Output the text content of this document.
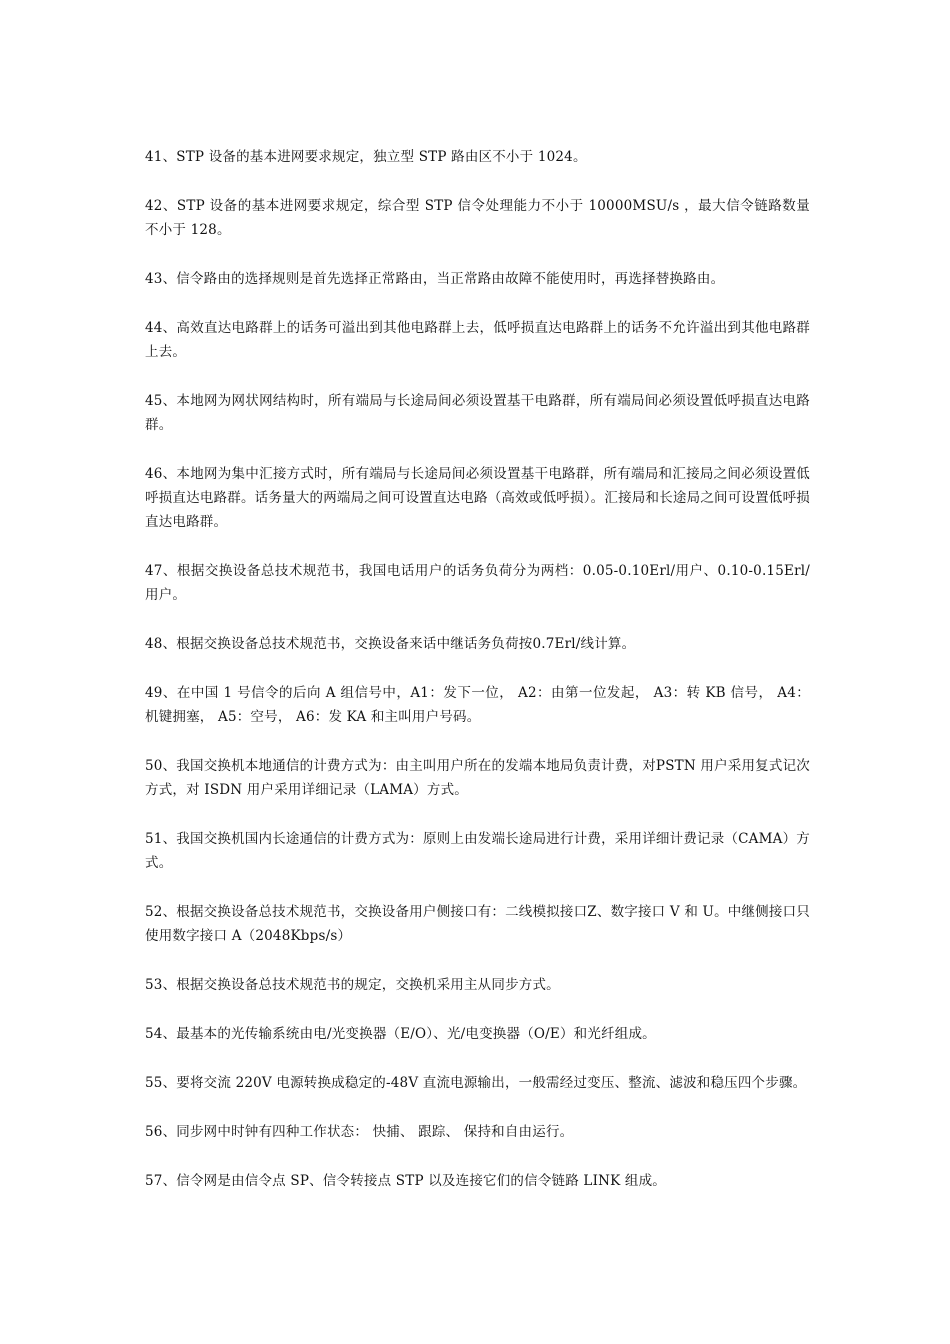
41、STP 设备的基本进网要求规定，独立型 STP 路由区不小于 1024。

42、STP 设备的基本进网要求规定，综合型 STP 信令处理能力不小于 10000MSU/s ，最大信令链路数量不小于 128。

43、信令路由的选择规则是首先选择正常路由，当正常路由故障不能使用时，再选择替换路由。

44、高效直达电路群上的话务可溢出到其他电路群上去，低呼损直达电路群上的话务不允许溢出到其他电路群上去。

45、本地网为网状网结构时，所有端局与长途局间必须设置基干电路群，所有端局间必须设置低呼损直达电路群。

46、本地网为集中汇接方式时，所有端局与长途局间必须设置基干电路群，所有端局和汇接局之间必须设置低呼损直达电路群。话务量大的两端局之间可设置直达电路（高效或低呼损）。汇接局和长途局之间可设置低呼损直达电路群。

47、根据交换设备总技术规范书，我国电话用户的话务负荷分为两档：0.05-0.10Erl/用户、0.10-0.15Erl/用户。

48、根据交换设备总技术规范书，交换设备来话中继话务负荷按0.7Erl/线计算。

49、在中国 1 号信令的后向 A 组信号中，A1：发下一位， A2：由第一位发起， A3：转 KB 信号， A4：机键拥塞， A5：空号， A6：发 KA 和主叫用户号码。

50、我国交换机本地通信的计费方式为：由主叫用户所在的发端本地局负责计费，对PSTN 用户采用复式记次方式，对 ISDN 用户采用详细记录（LAMA）方式。

51、我国交换机国内长途通信的计费方式为：原则上由发端长途局进行计费，采用详细计费记录（CAMA）方式。

52、根据交换设备总技术规范书，交换设备用户侧接口有：二线模拟接口Z、数字接口 V 和 U。中继侧接口只使用数字接口 A（2048Kbps/s）

53、根据交换设备总技术规范书的规定，交换机采用主从同步方式。

54、最基本的光传输系统由电/光变换器（E/O）、光/电变换器（O/E）和光纤组成。

55、要将交流 220V 电源转换成稳定的-48V 直流电源输出，一般需经过变压、整流、滤波和稳压四个步骤。

56、同步网中时钟有四种工作状态： 快捕、 跟踪、 保持和自由运行。

57、信令网是由信令点 SP、信令转接点 STP 以及连接它们的信令链路 LINK 组成。
